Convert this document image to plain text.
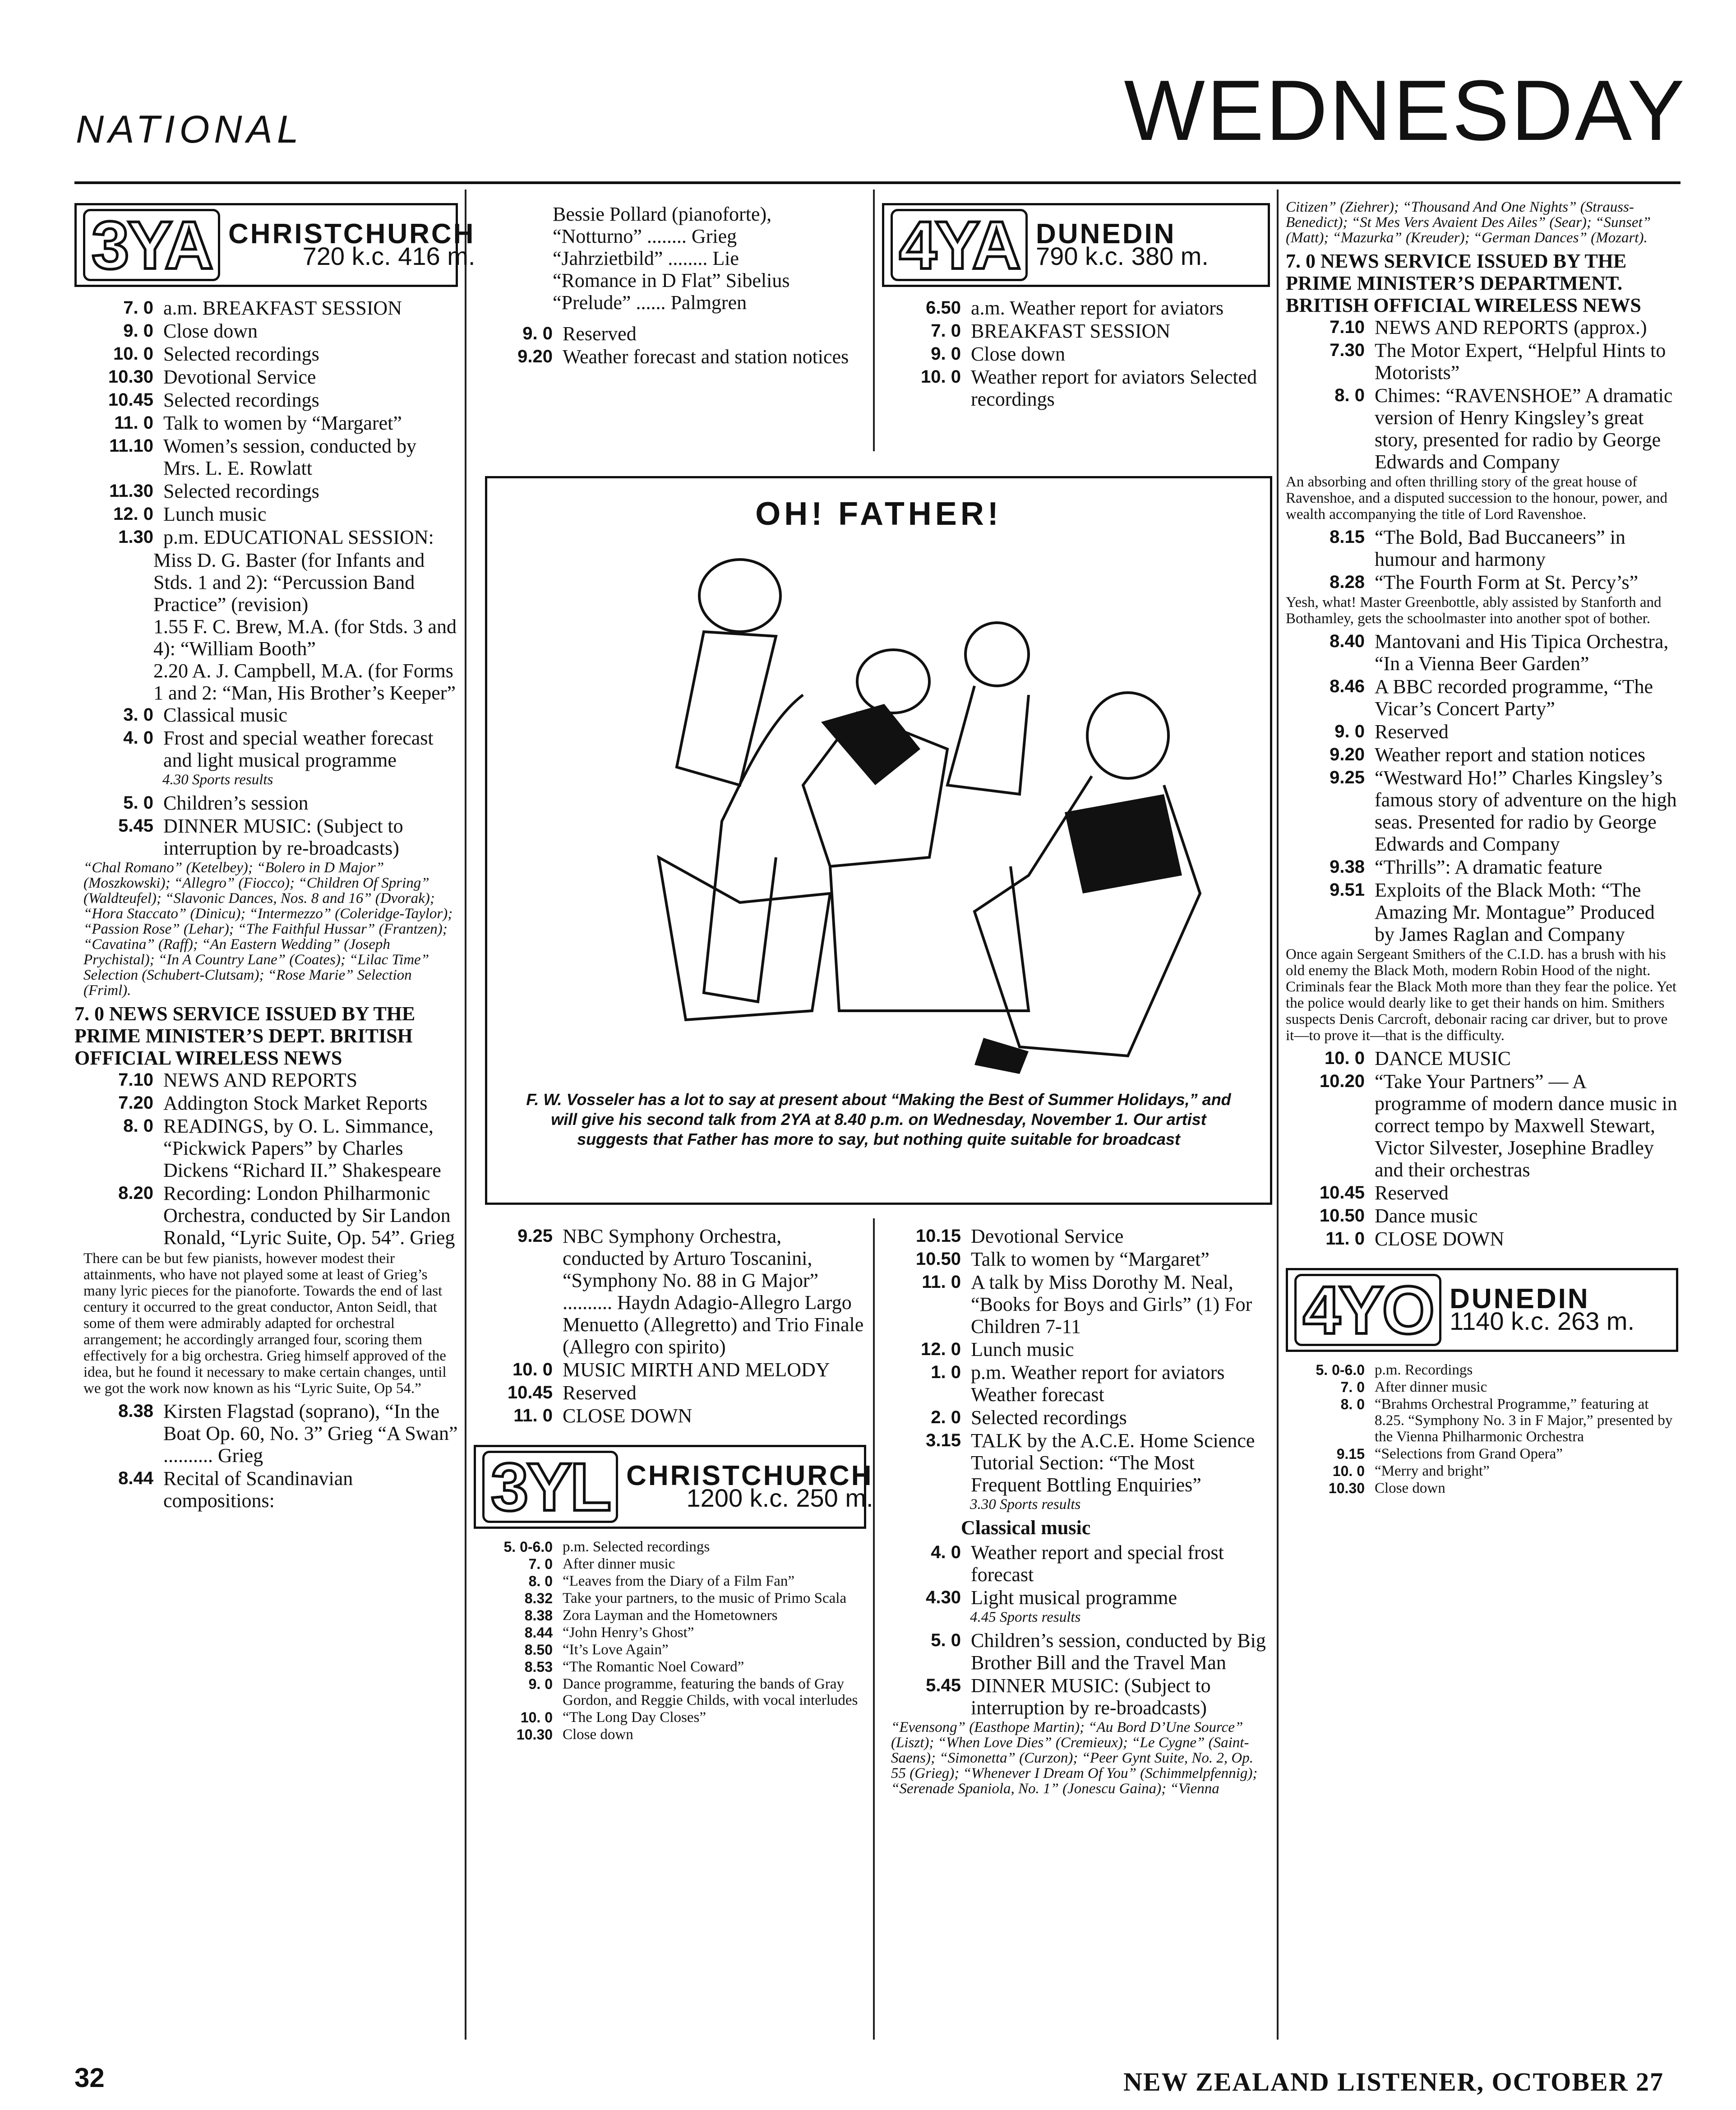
NATIONAL	WEDNESDAY
3YA CHRISTCHURCH
720 k.c. 416 m.
7. 0 a.m. BREAKFAST SESSION
9. 0 Close down
10. 0 Selected recordings
10.30 Devotional Service
10.45 Selected recordings
11. 0 Talk to women by “Margaret”
11.10 Women’s session, conducted by Mrs. L. E. Rowlatt
11.30 Selected recordings
12. 0 Lunch music
1.30 p.m. EDUCATIONAL SESSION:
Miss D. G. Baster (for Infants and Stds. 1 and 2): “Percussion Band Practice” (revision)
1.55 F. C. Brew, M.A. (for Stds. 3 and 4): “William Booth”
2.20 A. J. Campbell, M.A. (for Forms 1 and 2: “Man, His Brother’s Keeper”
3. 0 Classical music
4. 0 Frost and special weather forecast and light musical programme
4.30 Sports results
5. 0 Children’s session
5.45 DINNER MUSIC: (Subject to interruption by re-broadcasts)
“Chal Romano” (Ketelbey); “Bolero in D Major” (Moszkowski); “Allegro” (Fiocco); “Children Of Spring” (Waldteufel); “Slavonic Dances, Nos. 8 and 16” (Dvorak); “Hora Staccato” (Dinicu); “Intermezzo” (Coleridge-Taylor); “Passion Rose” (Lehar); “The Faithful Hussar” (Frantzen); “Cavatina” (Raff); “An Eastern Wedding” (Joseph Prychistal); “In A Country Lane” (Coates); “Lilac Time” Selection (Schubert-Clutsam); “Rose Marie” Selection (Friml).
7. 0 NEWS SERVICE ISSUED BY THE PRIME MINISTER’S DEPT. BRITISH OFFICIAL WIRELESS NEWS
7.10 NEWS AND REPORTS
7.20 Addington Stock Market Reports
8. 0 READINGS, by O. L. Simmance, “Pickwick Papers” by Charles Dickens “Richard II.” Shakespeare
8.20 Recording: London Philharmonic Orchestra, conducted by Sir Landon Ronald, “Lyric Suite, Op. 54”. Grieg
There can be but few pianists, however modest their attainments, who have not played some at least of Grieg’s many lyric pieces for the pianoforte. Towards the end of last century it occurred to the great conductor, Anton Seidl, that some of them were admirably adapted for orchestral arrangement; he accordingly arranged four, scoring them effectively for a big orchestra. Grieg himself approved of the idea, but he found it necessary to make certain changes, until we got the work now known as his “Lyric Suite, Op 54.”
8.38 Kirsten Flagstad (soprano), “In the Boat Op. 60, No. 3” Grieg “A Swan” .......... Grieg
8.44 Recital of Scandinavian compositions:
Bessie Pollard (pianoforte),
“Notturno” ........ Grieg
“Jahrzietbild” ........ Lie
“Romance in D Flat” Sibelius
“Prelude” ...... Palmgren
9. 0 Reserved
9.20 Weather forecast and station notices
4YA DUNEDIN
790 k.c. 380 m.
6.50 a.m. Weather report for aviators
7. 0 BREAKFAST SESSION
9. 0 Close down
10. 0 Weather report for aviators Selected recordings
OH! FATHER!
F. W. Vosseler has a lot to say at present about “Making the Best of Summer Holidays,” and will give his second talk from 2YA at 8.40 p.m. on Wednesday, November 1. Our artist suggests that Father has more to say, but nothing quite suitable for broadcast
9.25 NBC Symphony Orchestra, conducted by Arturo Toscanini, “Symphony No. 88 in G Major” .......... Haydn Adagio-Allegro Largo Menuetto (Allegretto) and Trio Finale (Allegro con spirito)
10. 0 MUSIC MIRTH AND MELODY
10.45 Reserved
11. 0 CLOSE DOWN
3YL CHRISTCHURCH
1200 k.c. 250 m.
5. 0-6.0 p.m. Selected recordings
7. 0 After dinner music
8. 0 “Leaves from the Diary of a Film Fan”
8.32 Take your partners, to the music of Primo Scala
8.38 Zora Layman and the Hometowners
8.44 “John Henry’s Ghost”
8.50 “It’s Love Again”
8.53 “The Romantic Noel Coward”
9. 0 Dance programme, featuring the bands of Gray Gordon, and Reggie Childs, with vocal interludes
10. 0 “The Long Day Closes”
10.30 Close down
10.15 Devotional Service
10.50 Talk to women by “Margaret”
11. 0 A talk by Miss Dorothy M. Neal, “Books for Boys and Girls” (1) For Children 7-11
12. 0 Lunch music
1. 0 p.m. Weather report for aviators Weather forecast
2. 0 Selected recordings
3.15 TALK by the A.C.E. Home Science Tutorial Section: “The Most Frequent Bottling Enquiries”
3.30 Sports results
Classical music
4. 0 Weather report and special frost forecast
4.30 Light musical programme
4.45 Sports results
5. 0 Children’s session, conducted by Big Brother Bill and the Travel Man
5.45 DINNER MUSIC: (Subject to interruption by re-broadcasts)
“Evensong” (Easthope Martin); “Au Bord D’Une Source” (Liszt); “When Love Dies” (Cremieux); “Le Cygne” (Saint-Saens); “Simonetta” (Curzon); “Peer Gynt Suite, No. 2, Op. 55 (Grieg); “Whenever I Dream Of You” (Schimmelpfennig); “Serenade Spaniola, No. 1” (Jonescu Gaina); “Vienna
Citizen” (Ziehrer); “Thousand And One Nights” (Strauss-Benedict); “St Mes Vers Avaient Des Ailes” (Sear); “Sunset” (Matt); “Mazurka” (Kreuder); “German Dances” (Mozart).
7. 0 NEWS SERVICE ISSUED BY THE PRIME MINISTER’S DEPARTMENT. BRITISH OFFICIAL WIRELESS NEWS
7.10 NEWS AND REPORTS (approx.)
7.30 The Motor Expert, “Helpful Hints to Motorists”
8. 0 Chimes: “RAVENSHOE” A dramatic version of Henry Kingsley’s great story, presented for radio by George Edwards and Company
An absorbing and often thrilling story of the great house of Ravenshoe, and a disputed succession to the honour, power, and wealth accompanying the title of Lord Ravenshoe.
8.15 “The Bold, Bad Buccaneers” in humour and harmony
8.28 “The Fourth Form at St. Percy’s”
Yesh, what! Master Greenbottle, ably assisted by Stanforth and Bothamley, gets the schoolmaster into another spot of bother.
8.40 Mantovani and His Tipica Orchestra, “In a Vienna Beer Garden”
8.46 A BBC recorded programme, “The Vicar’s Concert Party”
9. 0 Reserved
9.20 Weather report and station notices
9.25 “Westward Ho!” Charles Kingsley’s famous story of adventure on the high seas. Presented for radio by George Edwards and Company
9.38 “Thrills”: A dramatic feature
9.51 Exploits of the Black Moth: “The Amazing Mr. Montague” Produced by James Raglan and Company
Once again Sergeant Smithers of the C.I.D. has a brush with his old enemy the Black Moth, modern Robin Hood of the night. Criminals fear the Black Moth more than they fear the police. Yet the police would dearly like to get their hands on him. Smithers suspects Denis Carcroft, debonair racing car driver, but to prove it—to prove it—that is the difficulty.
10. 0 DANCE MUSIC
10.20 “Take Your Partners” — A programme of modern dance music in correct tempo by Maxwell Stewart, Victor Silvester, Josephine Bradley and their orchestras
10.45 Reserved
10.50 Dance music
11. 0 CLOSE DOWN
4YO DUNEDIN
1140 k.c. 263 m.
5. 0-6.0 p.m. Recordings
7. 0 After dinner music
8. 0 “Brahms Orchestral Programme,” featuring at 8.25. “Symphony No. 3 in F Major,” presented by the Vienna Philharmonic Orchestra
9.15 “Selections from Grand Opera”
10. 0 “Merry and bright”
10.30 Close down
32	NEW ZEALAND LISTENER, OCTOBER 27
